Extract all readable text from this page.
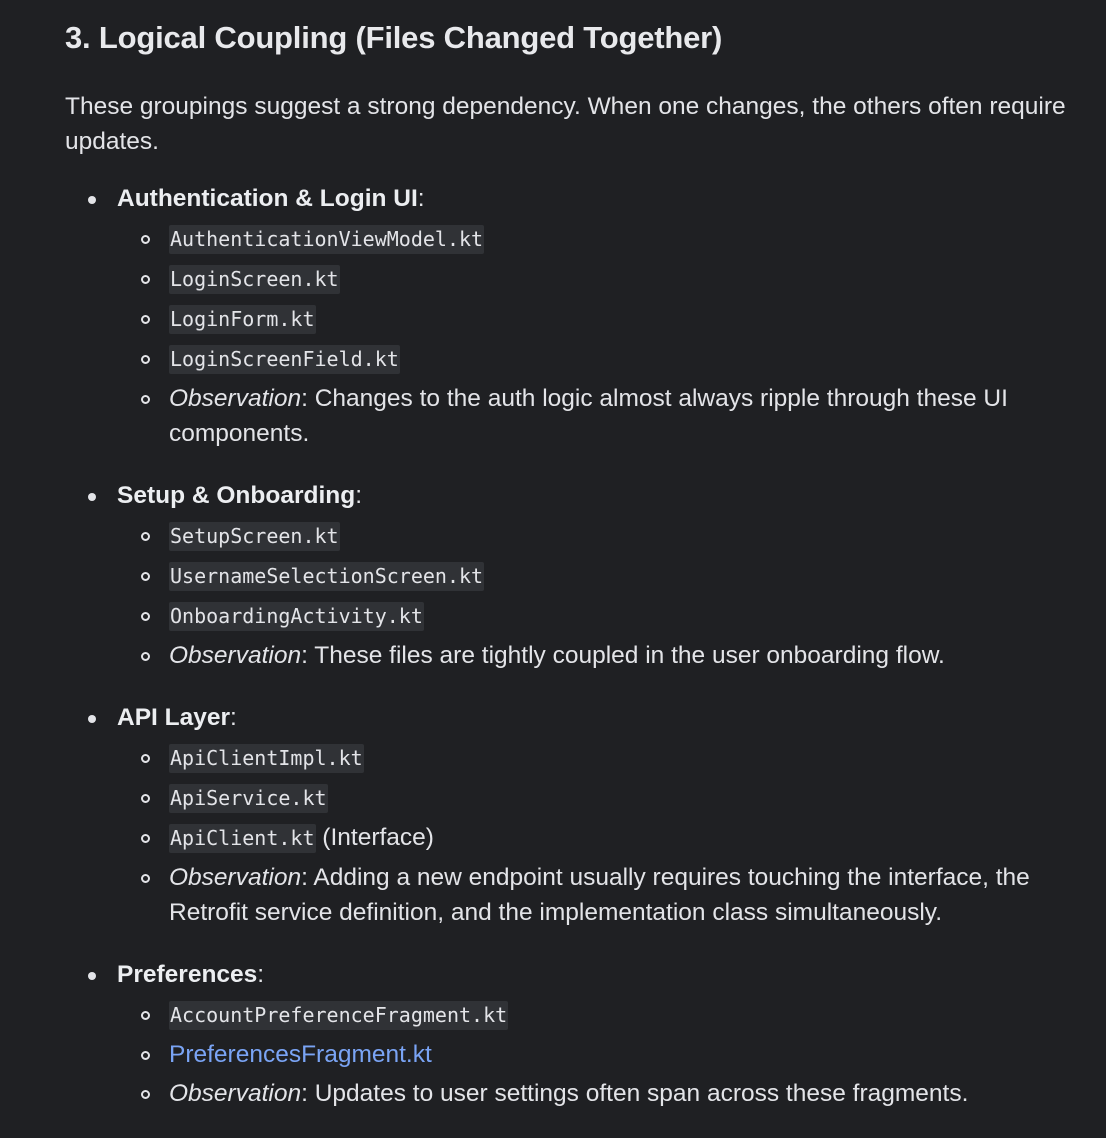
3. Logical Coupling (Files Changed Together)

These groupings suggest a strong dependency. When one changes, the others often require updates.

Authentication & Login UI:
AuthenticationViewModel.kt
LoginScreen.kt
LoginForm.kt
LoginScreenField.kt
Observation: Changes to the auth logic almost always ripple through these UI components.
Setup & Onboarding:
SetupScreen.kt
UsernameSelectionScreen.kt
OnboardingActivity.kt
Observation: These files are tightly coupled in the user onboarding flow.
API Layer:
ApiClientImpl.kt
ApiService.kt
ApiClient.kt (Interface)
Observation: Adding a new endpoint usually requires touching the interface, the Retrofit service definition, and the implementation class simultaneously.
Preferences:
AccountPreferenceFragment.kt
PreferencesFragment.kt
Observation: Updates to user settings often span across these fragments.
